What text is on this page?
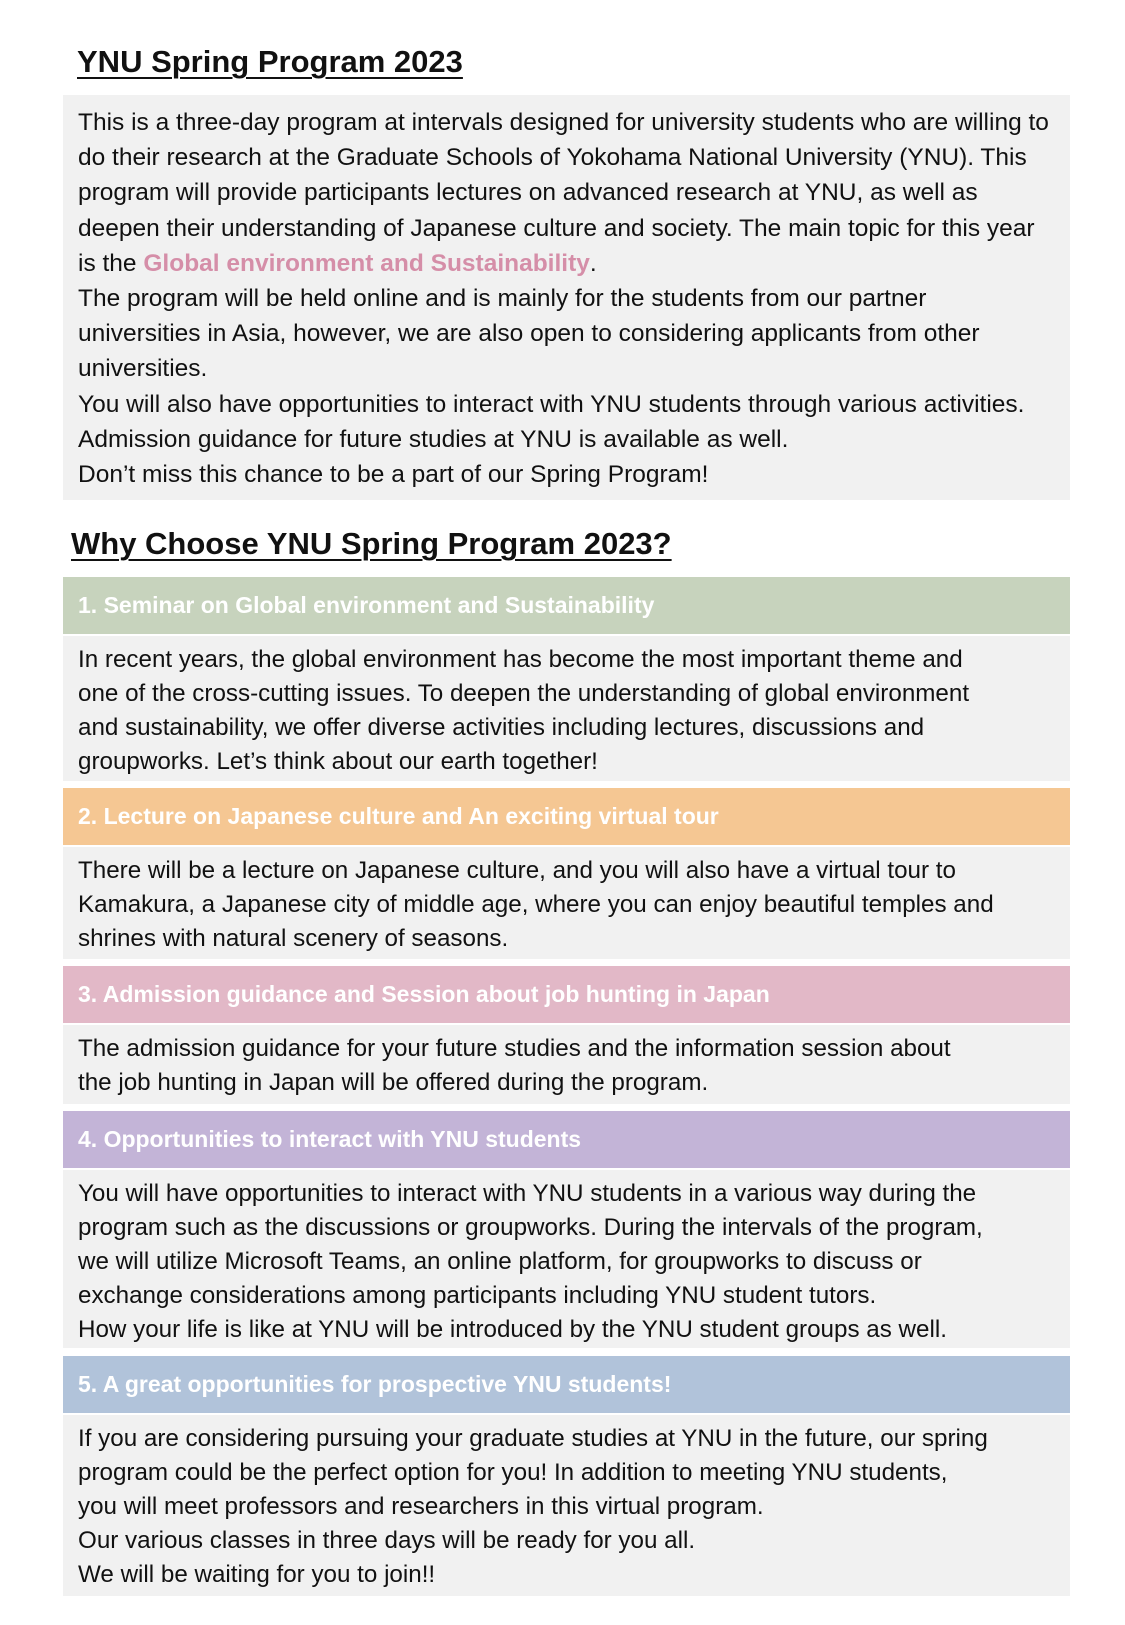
YNU Spring Program 2023

This is a three-day program at intervals designed for university students who are willing to do their research at the Graduate Schools of Yokohama National University (YNU). This program will provide participants lectures on advanced research at YNU, as well as deepen their understanding of Japanese culture and society. The main topic for this year is the Global environment and Sustainability.

The program will be held online and is mainly for the students from our partner universities in Asia, however, we are also open to considering applicants from other universities.

You will also have opportunities to interact with YNU students through various activities. Admission guidance for future studies at YNU is available as well.

Don’t miss this chance to be a part of our Spring Program!

Why Choose YNU Spring Program 2023?
1. Seminar on Global environment and Sustainability

In recent years, the global environment has become the most important theme and

one of the cross-cutting issues. To deepen the understanding of global environment

and sustainability, we offer diverse activities including lectures, discussions and

groupworks. Let’s think about our earth together!

2. Lecture on Japanese culture and An exciting virtual tour

There will be a lecture on Japanese culture, and you will also have a virtual tour to

Kamakura, a Japanese city of middle age, where you can enjoy beautiful temples and

shrines with natural scenery of seasons.

3. Admission guidance and Session about job hunting in Japan

The admission guidance for your future studies and the information session about

the job hunting in Japan will be offered during the program.

4. Opportunities to interact with YNU students

You will have opportunities to interact with YNU students in a various way during the

program such as the discussions or groupworks. During the intervals of the program,

we will utilize Microsoft Teams, an online platform, for groupworks to discuss or

exchange considerations among participants including YNU student tutors.

How your life is like at YNU will be introduced by the YNU student groups as well.

5. A great opportunities for prospective YNU students!

If you are considering pursuing your graduate studies at YNU in the future, our spring

program could be the perfect option for you! In addition to meeting YNU students,

you will meet professors and researchers in this virtual program.

Our various classes in three days will be ready for you all.

We will be waiting for you to join!!
